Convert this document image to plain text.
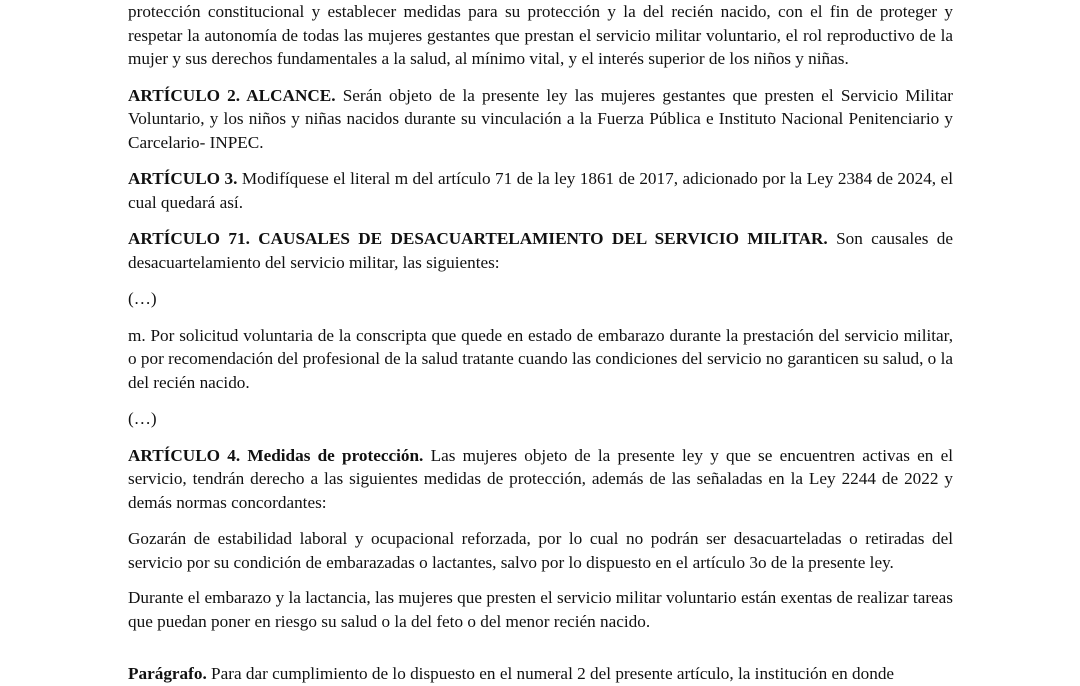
protección constitucional y establecer medidas para su protección y la del recién nacido, con el fin de proteger y respetar la autonomía de todas las mujeres gestantes que prestan el servicio militar voluntario, el rol reproductivo de la mujer y sus derechos fundamentales a la salud, al mínimo vital, y el interés superior de los niños y niñas.

ARTÍCULO 2. ALCANCE. Serán objeto de la presente ley las mujeres gestantes que presten el Servicio Militar Voluntario, y los niños y niñas nacidos durante su vinculación a la Fuerza Pública e Instituto Nacional Penitenciario y Carcelario- INPEC.

ARTÍCULO 3. Modifíquese el literal m del artículo 71 de la ley 1861 de 2017, adicionado por la Ley 2384 de 2024, el cual quedará así.

ARTÍCULO 71. CAUSALES DE DESACUARTELAMIENTO DEL SERVICIO MILITAR. Son causales de desacuartelamiento del servicio militar, las siguientes:

(…)

m. Por solicitud voluntaria de la conscripta que quede en estado de embarazo durante la prestación del servicio militar, o por recomendación del profesional de la salud tratante cuando las condiciones del servicio no garanticen su salud, o la del recién nacido.

(…)

ARTÍCULO 4. Medidas de protección. Las mujeres objeto de la presente ley y que se encuentren activas en el servicio, tendrán derecho a las siguientes medidas de protección, además de las señaladas en la Ley 2244 de 2022 y demás normas concordantes:

Gozarán de estabilidad laboral y ocupacional reforzada, por lo cual no podrán ser desacuarteladas o retiradas del servicio por su condición de embarazadas o lactantes, salvo por lo dispuesto en el artículo 3o de la presente ley.

Durante el embarazo y la lactancia, las mujeres que presten el servicio militar voluntario están exentas de realizar tareas que puedan poner en riesgo su salud o la del feto o del menor recién nacido.

Parágrafo. Para dar cumplimiento de lo dispuesto en el numeral 2 del presente artículo, la institución en donde
